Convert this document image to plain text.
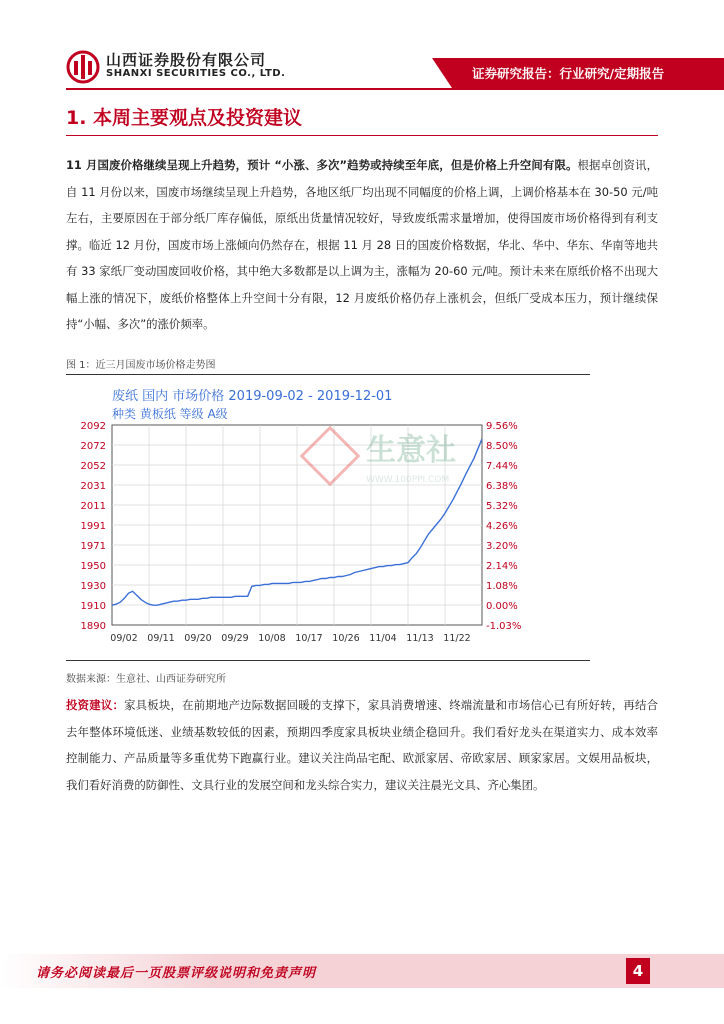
山西证券股份有限公司
SHANXI SECURITIES CO., LTD.	证券研究报告：行业研究/定期报告
1. 本周主要观点及投资建议

11 月国废价格继续呈现上升趋势，预计 “小涨、多次”趋势或持续至年底，但是价格上升空间有限。根据卓创资讯，自 11 月份以来，国废市场继续呈现上升趋势，各地区纸厂均出现不同幅度的价格上调，上调价格基本在 30-50 元/吨左右，主要原因在于部分纸厂库存偏低，原纸出货量情况较好，导致废纸需求量增加，使得国废市场价格得到有利支撑。临近 12 月份，国废市场上涨倾向仍然存在，根据 11 月 28 日的国废价格数据，华北、华中、华东、华南等地共有 33 家纸厂变动国废回收价格，其中绝大多数都是以上调为主，涨幅为 20-60 元/吨。预计未来在原纸价格不出现大幅上涨的情况下，废纸价格整体上升空间十分有限，12 月废纸价格仍存上涨机会，但纸厂受成本压力，预计继续保持“小幅、多次”的涨价频率。

图 1：近三月国废市场价格走势图
废纸 国内 市场价格 2019-09-02 - 2019-12-01
种类 黄板纸 等级 A级
生意社
WWW.100PPI.COM
2092
2072
2052
2031
2011
1991
1971
1950
1930
1910
1890
9.56%
8.50%
7.44%
6.38%
5.32%
4.26%
3.20%
2.14%
1.08%
0.00%
-1.03%
09/02 09/11 09/20 09/29 10/08 10/17 10/26 11/04 11/13 11/22
数据来源：生意社、山西证券研究所

投资建议：家具板块，在前期地产边际数据回暖的支撑下，家具消费增速、终端流量和市场信心已有所好转，再结合去年整体环境低迷、业绩基数较低的因素，预期四季度家具板块业绩企稳回升。我们看好龙头在渠道实力、成本效率控制能力、产品质量等多重优势下跑赢行业。建议关注尚品宅配、欧派家居、帝欧家居、顾家家居。文娱用品板块，我们看好消费的防御性、文具行业的发展空间和龙头综合实力，建议关注晨光文具、齐心集团。

请务必阅读最后一页股票评级说明和免责声明	4
